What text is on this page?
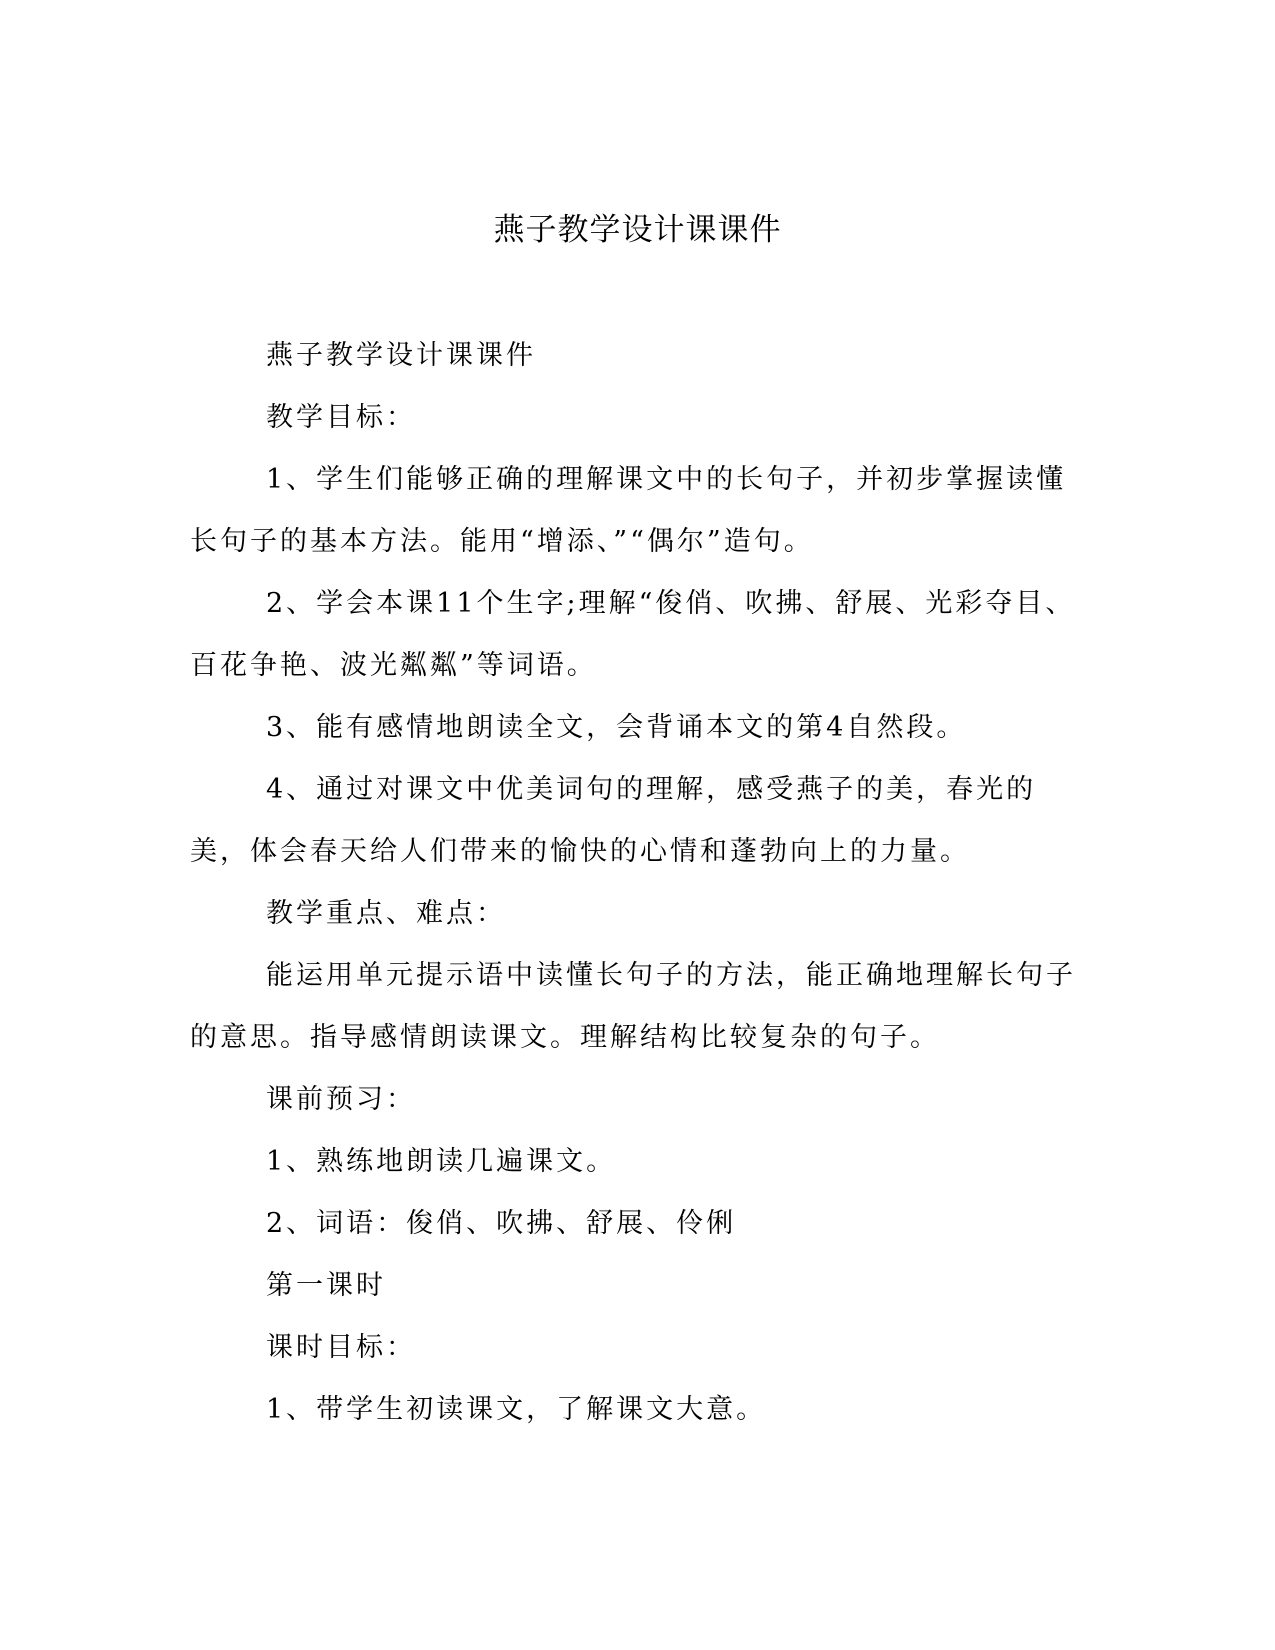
燕子教学设计课课件

燕子教学设计课课件

教学目标：

1、学生们能够正确的理解课文中的长句子，并初步掌握读懂长句子的基本方法。能用“增添、”“偶尔”造句。

2、学会本课11个生字;理解“俊俏、吹拂、舒展、光彩夺目、百花争艳、波光粼粼”等词语。

3、能有感情地朗读全文，会背诵本文的第4自然段。

4、通过对课文中优美词句的理解，感受燕子的美，春光的美，体会春天给人们带来的愉快的心情和蓬勃向上的力量。

教学重点、难点：

能运用单元提示语中读懂长句子的方法，能正确地理解长句子的意思。指导感情朗读课文。理解结构比较复杂的句子。

课前预习：

1、熟练地朗读几遍课文。

2、词语：俊俏、吹拂、舒展、伶俐

第一课时

课时目标：

1、带学生初读课文，了解课文大意。
